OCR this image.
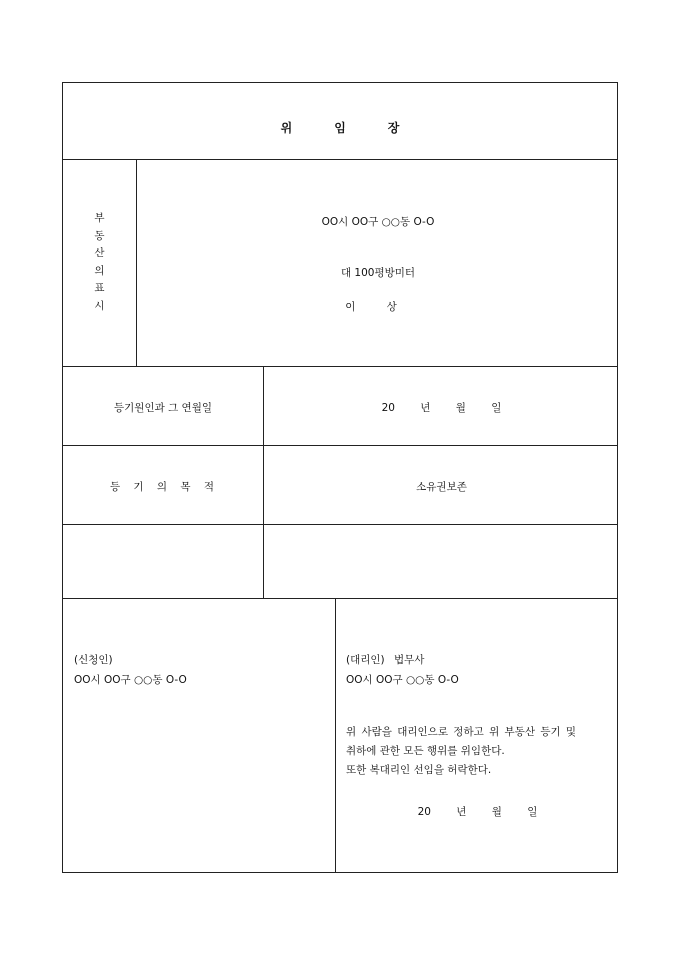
위임장
부
동
산
의
표
시
OO시 OO구 ○○동 O-O
대 100평방미터
이 상
등기원인과 그 연월일	20 년 월 일
등 기 의 목 적	소유권보존
(신청인)
OO시 OO구 ○○동 O-O
(대리인) 법무사
OO시 OO구 ○○동 O-O
위 사람을 대리인으로 정하고 위 부동산 등기 및
취하에 관한 모든 행위를 위임한다.
또한 복대리인 선임을 허락한다.
20 년 월 일
